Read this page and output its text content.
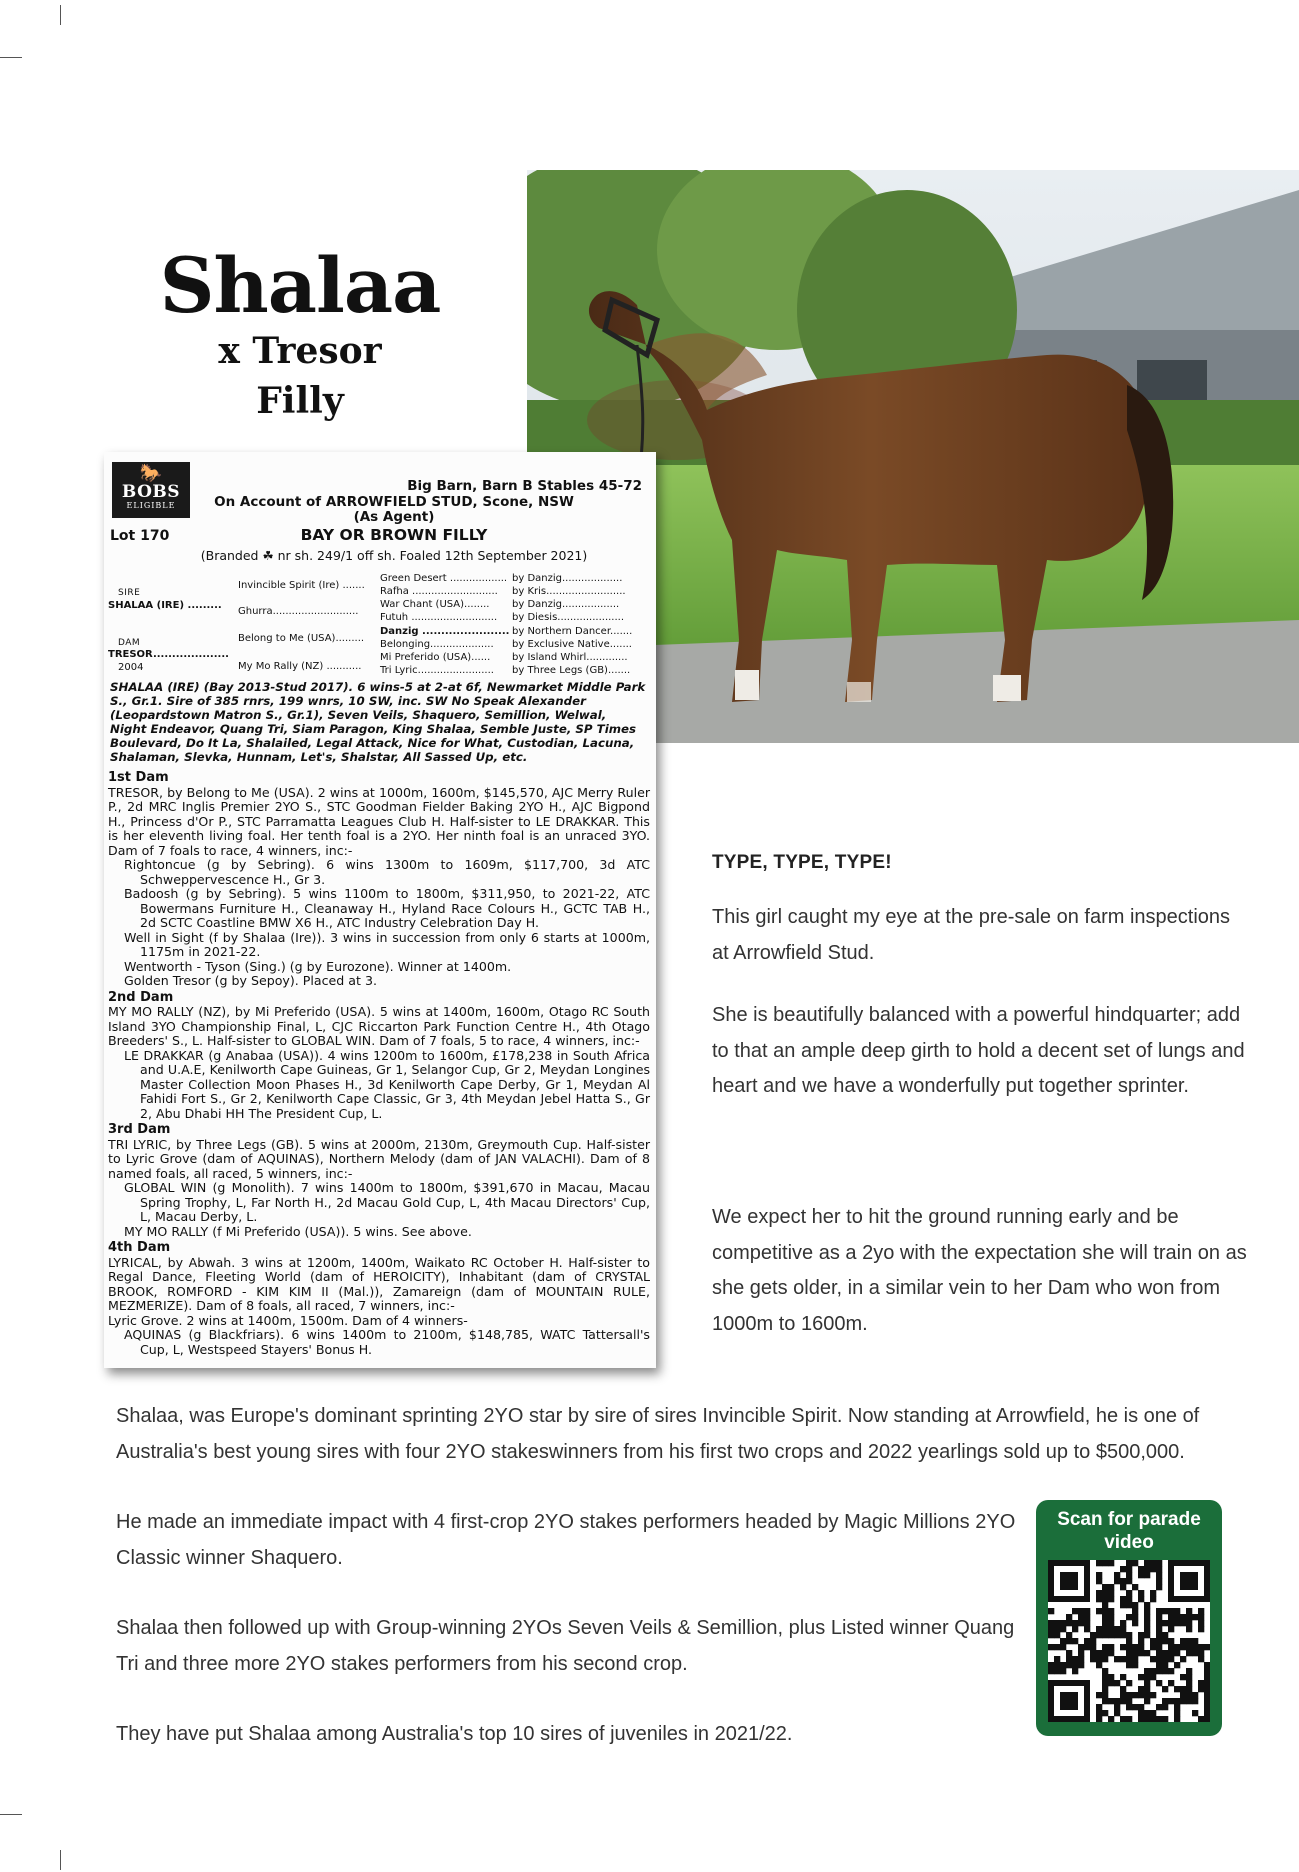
Shalaa
x Tresor
Filly
🐎
BOBS
ELIGIBLE
Big Barn, Barn B Stables 45-72
On Account of ARROWFIELD STUD, Scone, NSW
(As Agent)
Lot 170	BAY OR BROWN FILLY
(Branded ☘ nr sh. 249/1 off sh. Foaled 12th September 2021)
SIRE
SHALAA (IRE) .........
DAM
TRESOR....................
2004
Invincible Spirit (Ire) .......
Ghurra...........................
Belong to Me (USA).........
My Mo Rally (NZ) ...........
Green Desert ..................
Rafha ...........................
War Chant (USA)........
Futuh ...........................
Danzig .......................
Belonging....................
Mi Preferido (USA)......
Tri Lyric........................
by Danzig...................
by Kris.........................
by Danzig..................
by Diesis.....................
by Northern Dancer.......
by Exclusive Native.......
by Island Whirl.............
by Three Legs (GB).......
SHALAA (IRE) (Bay 2013-Stud 2017). 6 wins-5 at 2-at 6f, Newmarket Middle Park S., Gr.1. Sire of 385 rnrs, 199 wnrs, 10 SW, inc. SW No Speak Alexander (Leopardstown Matron S., Gr.1), Seven Veils, Shaquero, Semillion, Welwal, Night Endeavor, Quang Tri, Siam Paragon, King Shalaa, Semble Juste, SP Times Boulevard, Do It La, Shalailed, Legal Attack, Nice for What, Custodian, Lacuna, Shalaman, Slevka, Hunnam, Let's, Shalstar, All Sassed Up, etc.
1st Dam
TRESOR, by Belong to Me (USA). 2 wins at 1000m, 1600m, $145,570, AJC Merry Ruler P., 2d MRC Inglis Premier 2YO S., STC Goodman Fielder Baking 2YO H., AJC Bigpond H., Princess d'Or P., STC Parramatta Leagues Club H. Half-sister to LE DRAKKAR. This is her eleventh living foal. Her tenth foal is a 2YO. Her ninth foal is an unraced 3YO. Dam of 7 foals to race, 4 winners, inc:-
Rightoncue (g by Sebring). 6 wins 1300m to 1609m, $117,700, 3d ATC Schweppervescence H., Gr 3.
Badoosh (g by Sebring). 5 wins 1100m to 1800m, $311,950, to 2021-22, ATC Bowermans Furniture H., Cleanaway H., Hyland Race Colours H., GCTC TAB H., 2d SCTC Coastline BMW X6 H., ATC Industry Celebration Day H.
Well in Sight (f by Shalaa (Ire)). 3 wins in succession from only 6 starts at 1000m, 1175m in 2021-22.
Wentworth - Tyson (Sing.) (g by Eurozone). Winner at 1400m.
Golden Tresor (g by Sepoy). Placed at 3.
2nd Dam
MY MO RALLY (NZ), by Mi Preferido (USA). 5 wins at 1400m, 1600m, Otago RC South Island 3YO Championship Final, L, CJC Riccarton Park Function Centre H., 4th Otago Breeders' S., L. Half-sister to GLOBAL WIN. Dam of 7 foals, 5 to race, 4 winners, inc:-
LE DRAKKAR (g Anabaa (USA)). 4 wins 1200m to 1600m, £178,238 in South Africa and U.A.E, Kenilworth Cape Guineas, Gr 1, Selangor Cup, Gr 2, Meydan Longines Master Collection Moon Phases H., 3d Kenilworth Cape Derby, Gr 1, Meydan Al Fahidi Fort S., Gr 2, Kenilworth Cape Classic, Gr 3, 4th Meydan Jebel Hatta S., Gr 2, Abu Dhabi HH The President Cup, L.
3rd Dam
TRI LYRIC, by Three Legs (GB). 5 wins at 2000m, 2130m, Greymouth Cup. Half-sister to Lyric Grove (dam of AQUINAS), Northern Melody (dam of JAN VALACHI). Dam of 8 named foals, all raced, 5 winners, inc:-
GLOBAL WIN (g Monolith). 7 wins 1400m to 1800m, $391,670 in Macau, Macau Spring Trophy, L, Far North H., 2d Macau Gold Cup, L, 4th Macau Directors' Cup, L, Macau Derby, L.
MY MO RALLY (f Mi Preferido (USA)). 5 wins. See above.
4th Dam
LYRICAL, by Abwah. 3 wins at 1200m, 1400m, Waikato RC October H. Half-sister to Regal Dance, Fleeting World (dam of HEROICITY), Inhabitant (dam of CRYSTAL BROOK, ROMFORD - KIM KIM II (Mal.)), Zamareign (dam of MOUNTAIN RULE, MEZMERIZE). Dam of 8 foals, all raced, 7 winners, inc:-
Lyric Grove. 2 wins at 1400m, 1500m. Dam of 4 winners-
AQUINAS (g Blackfriars). 6 wins 1400m to 2100m, $148,785, WATC Tattersall's Cup, L, Westspeed Stayers' Bonus H.
TYPE, TYPE, TYPE!
This girl caught my eye at the pre-sale on farm inspections at Arrowfield Stud.
She is beautifully balanced with a powerful hindquarter; add to that an ample deep girth to hold a decent set of lungs and heart and we have a wonderfully put together sprinter.
We expect her to hit the ground running early and be competitive as a 2yo with the expectation she will train on as she gets older, in a similar vein to her Dam who won from 1000m to 1600m.
Shalaa, was Europe's dominant sprinting 2YO star by sire of sires Invincible Spirit. Now standing at Arrowfield, he is one of Australia's best young sires with four 2YO stakeswinners from his first two crops and 2022 yearlings sold up to $500,000.
He made an immediate impact with 4 first-crop 2YO stakes performers headed by Magic Millions 2YO Classic winner Shaquero.
Shalaa then followed up with Group-winning 2YOs Seven Veils & Semillion, plus Listed winner Quang Tri and three more 2YO stakes performers from his second crop.
They have put Shalaa among Australia's top 10 sires of juveniles in 2021/22.
Scan for parade video
